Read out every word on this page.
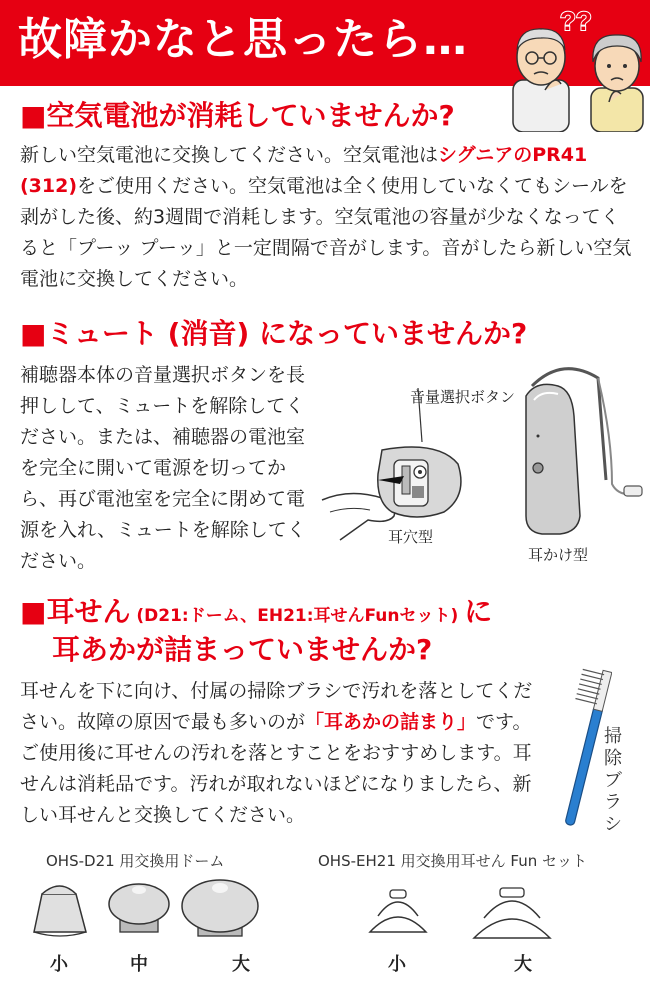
故障かなと思ったら…	??
■空気電池が消耗していませんか?
新しい空気電池に交換してください。空気電池はシグニアのPR41 (312)をご使用ください。空気電池は全く使用していなくてもシールを剥がした後、約3週間で消耗します。空気電池の容量が少なくなってくると「プーッ プーッ」と一定間隔で音がします。音がしたら新しい空気電池に交換してください。
■ミュート (消音) になっていませんか?
補聴器本体の音量選択ボタンを長押しして、ミュートを解除してください。または、補聴器の電池室を完全に開いて電源を切ってから、再び電池室を完全に閉めて電源を入れ、ミュートを解除してください。
音量選択ボタン
耳穴型
耳かけ型
■耳せん (D21:ドーム、EH21:耳せんFunセット) に
耳あかが詰まっていませんか?
耳せんを下に向け、付属の掃除ブラシで汚れを落としてください。故障の原因で最も多いのが「耳あかの詰まり」です。ご使用後に耳せんの汚れを落とすことをおすすめします。耳せんは消耗品です。汚れが取れないほどになりましたら、新しい耳せんと交換してください。
掃除ブラシ
OHS-D21 用交換用ドーム	OHS-EH21 用交換用耳せん Fun セット
小	中	大	小	大
